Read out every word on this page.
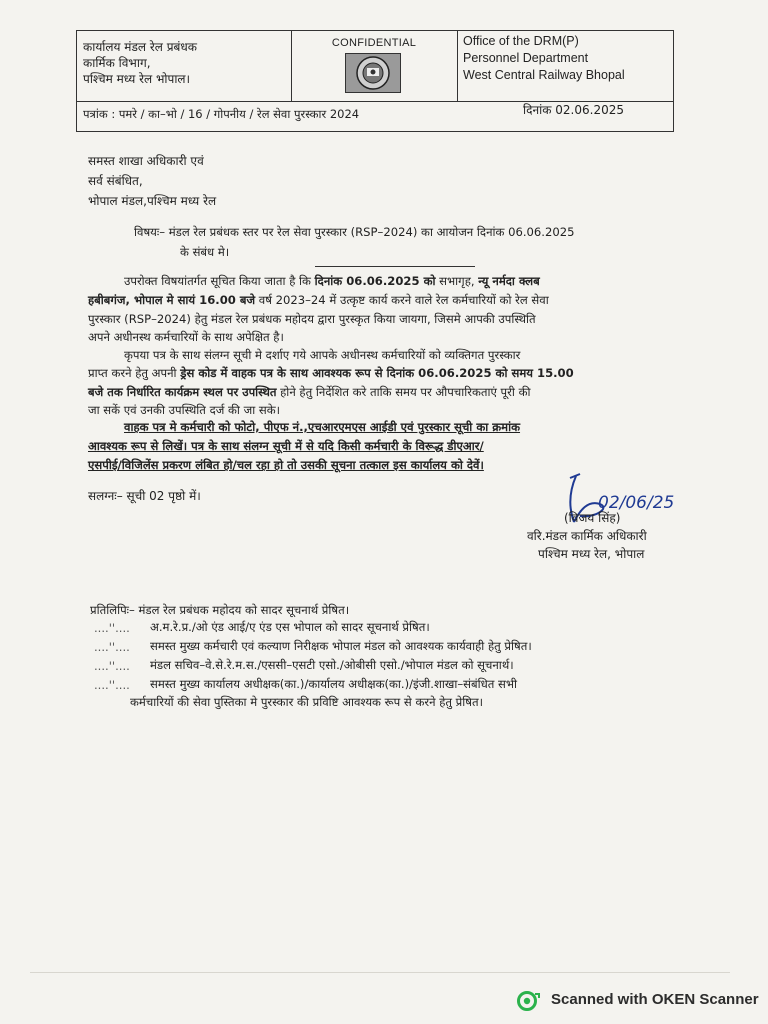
कार्यालय मंडल रेल प्रबंधक
कार्मिक विभाग,
पश्चिम मध्य रेल भोपाल।
CONFIDENTIAL	Office of the DRM(P)
Personnel Department
West Central Railway Bhopal
पत्रांक : पमरे / का–भो / 16 / गोपनीय / रेल सेवा पुरस्कार 2024	दिनांक 02.06.2025
समस्त शाखा अधिकारी एवं
सर्व संबंधित,
भोपाल मंडल,पश्चिम मध्य रेल
विषयः– मंडल रेल प्रबंधक स्तर पर रेल सेवा पुरस्कार (RSP–2024) का आयोजन दिनांक 06.06.2025
के संबंध मे।
उपरोक्त विषयांतर्गत सूचित किया जाता है कि दिनांक 06.06.2025 को सभागृह, न्यू नर्मदा क्लब
हबीबगंज, भोपाल मे सायं 16.00 बजे वर्ष 2023–24 में उत्कृष्ट कार्य करने वाले रेल कर्मचारियों को रेल सेवा
पुरस्कार (RSP–2024) हेतु मंडल रेल प्रबंधक महोदय द्वारा पुरस्कृत किया जायगा, जिसमे आपकी उपस्थिति
अपने अधीनस्थ कर्मचारियों के साथ अपेक्षित है।
कृपया पत्र के साथ संलग्न सूची मे दर्शाए गये आपके अधीनस्थ कर्मचारियों को व्यक्तिगत पुरस्कार
प्राप्त करने हेतु अपनी ड्रेस कोड में वाहक पत्र के साथ आवश्यक रूप से दिनांक 06.06.2025 को समय 15.00
बजे तक निर्धारित कार्यक्रम स्थल पर उपस्थित होने हेतु निर्देशित करे ताकि समय पर औपचारिकताएं पूरी की
जा सकें एवं उनकी उपस्थिति दर्ज की जा सके।
वाहक पत्र मे कर्मचारी को फोटो, पीएफ नं.,एचआरएमएस आईडी एवं पुरस्कार सूची का क्रमांक
आवश्यक रूप से लिखें। पत्र के साथ संलग्न सूची में से यदि किसी कर्मचारी के विरूद्ध डीएआर/
एसपीई/विजिलेंस प्रकरण लंबित हो/चल रहा हो तो उसकी सूचना तत्काल इस कार्यालय को देवें।
सलग्नः– सूची 02 पृष्ठो में।	02/06/25
(विजय सिंह)
वरि.मंडल कार्मिक अधिकारी
पश्चिम मध्य रेल, भोपाल
प्रतिलिपिः– मंडल रेल प्रबंधक महोदय को सादर सूचनार्थ प्रेषित।
....''.... अ.म.रे.प्र./ओ एंड आई/ए एंड एस भोपाल को सादर सूचनार्थ प्रेषित।
....''.... समस्त मुख्य कर्मचारी एवं कल्याण निरीक्षक भोपाल मंडल को आवश्यक कार्यवाही हेतु प्रेषित।
....''.... मंडल सचिव–वे.से.रे.म.स./एससी–एसटी एसो./ओबीसी एसो./भोपाल मंडल को सूचनार्थ।
....''.... समस्त मुख्य कार्यालय अधीक्षक(का.)/कार्यालय अधीक्षक(का.)/इंजी.शाखा–संबंधित सभी
कर्मचारियों की सेवा पुस्तिका मे पुरस्कार की प्रविष्टि आवश्यक रूप से करने हेतु प्रेषित।
Scanned with OKEN Scanner
